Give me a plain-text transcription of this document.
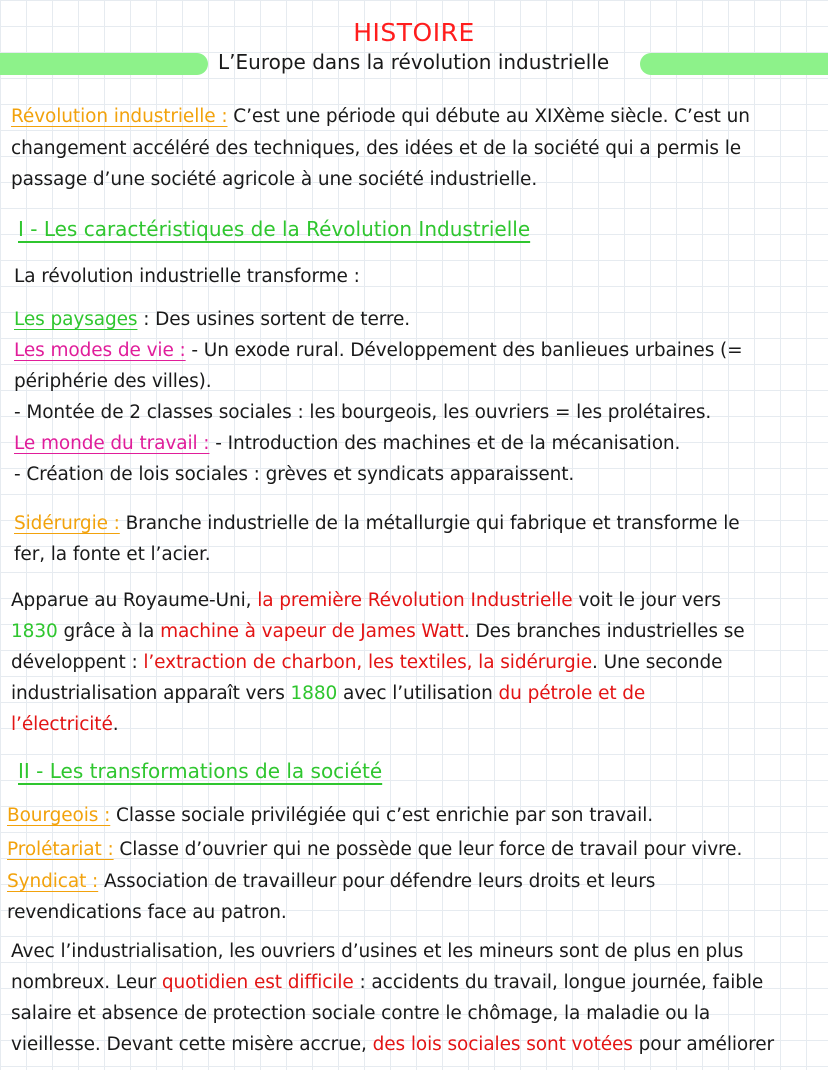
HISTOIRE
L’Europe dans la révolution industrielle
Révolution industrielle : C’est une période qui débute au XIXème siècle. C’est un
changement accéléré des techniques, des idées et de la société qui a permis le
passage d’une société agricole à une société industrielle.
I - Les caractéristiques de la Révolution Industrielle
La révolution industrielle transforme :
Les paysages : Des usines sortent de terre.
Les modes de vie : - Un exode rural. Développement des banlieues urbaines (=
périphérie des villes).
- Montée de 2 classes sociales : les bourgeois, les ouvriers = les prolétaires.
Le monde du travail : - Introduction des machines et de la mécanisation.
- Création de lois sociales : grèves et syndicats apparaissent.
Sidérurgie : Branche industrielle de la métallurgie qui fabrique et transforme le
fer, la fonte et l’acier.
Apparue au Royaume-Uni, la première Révolution Industrielle voit le jour vers
1830 grâce à la machine à vapeur de James Watt. Des branches industrielles se
développent : l’extraction de charbon, les textiles, la sidérurgie. Une seconde
industrialisation apparaît vers 1880 avec l’utilisation du pétrole et de
l’électricité.
II - Les transformations de la société
Bourgeois : Classe sociale privilégiée qui c’est enrichie par son travail.
Prolétariat : Classe d’ouvrier qui ne possède que leur force de travail pour vivre.
Syndicat : Association de travailleur pour défendre leurs droits et leurs
revendications face au patron.
Avec l’industrialisation, les ouvriers d’usines et les mineurs sont de plus en plus
nombreux. Leur quotidien est difficile : accidents du travail, longue journée, faible
salaire et absence de protection sociale contre le chômage, la maladie ou la
vieillesse. Devant cette misère accrue, des lois sociales sont votées pour améliorer
